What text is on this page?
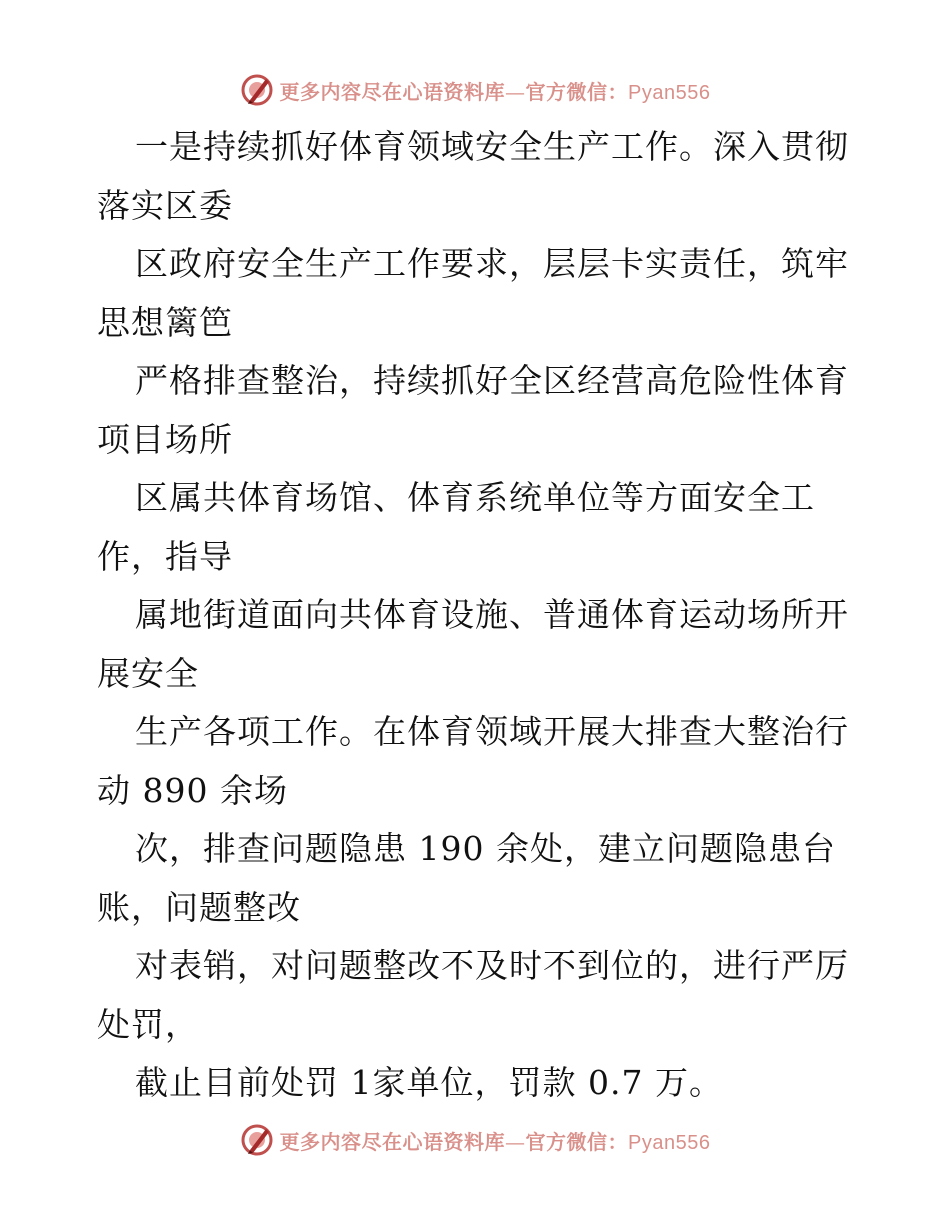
更多内容尽在心语资料库—官方微信：Pyan556

一是持续抓好体育领域安全生产工作。深入贯彻
落实区委

区政府安全生产工作要求，层层卡实责任，筑牢
思想篱笆

严格排查整治，持续抓好全区经营高危险性体育
项目场所

区属共体育场馆、体育系统单位等方面安全工
作，指导

属地街道面向共体育设施、普通体育运动场所开
展安全

生产各项工作。在体育领域开展大排查大整治行
动 890 余场

次，排查问题隐患 190 余处，建立问题隐患台
账，问题整改

对表销，对问题整改不及时不到位的，进行严厉
处罚，

截止目前处罚 1家单位，罚款 0.7 万。

更多内容尽在心语资料库—官方微信：Pyan556
